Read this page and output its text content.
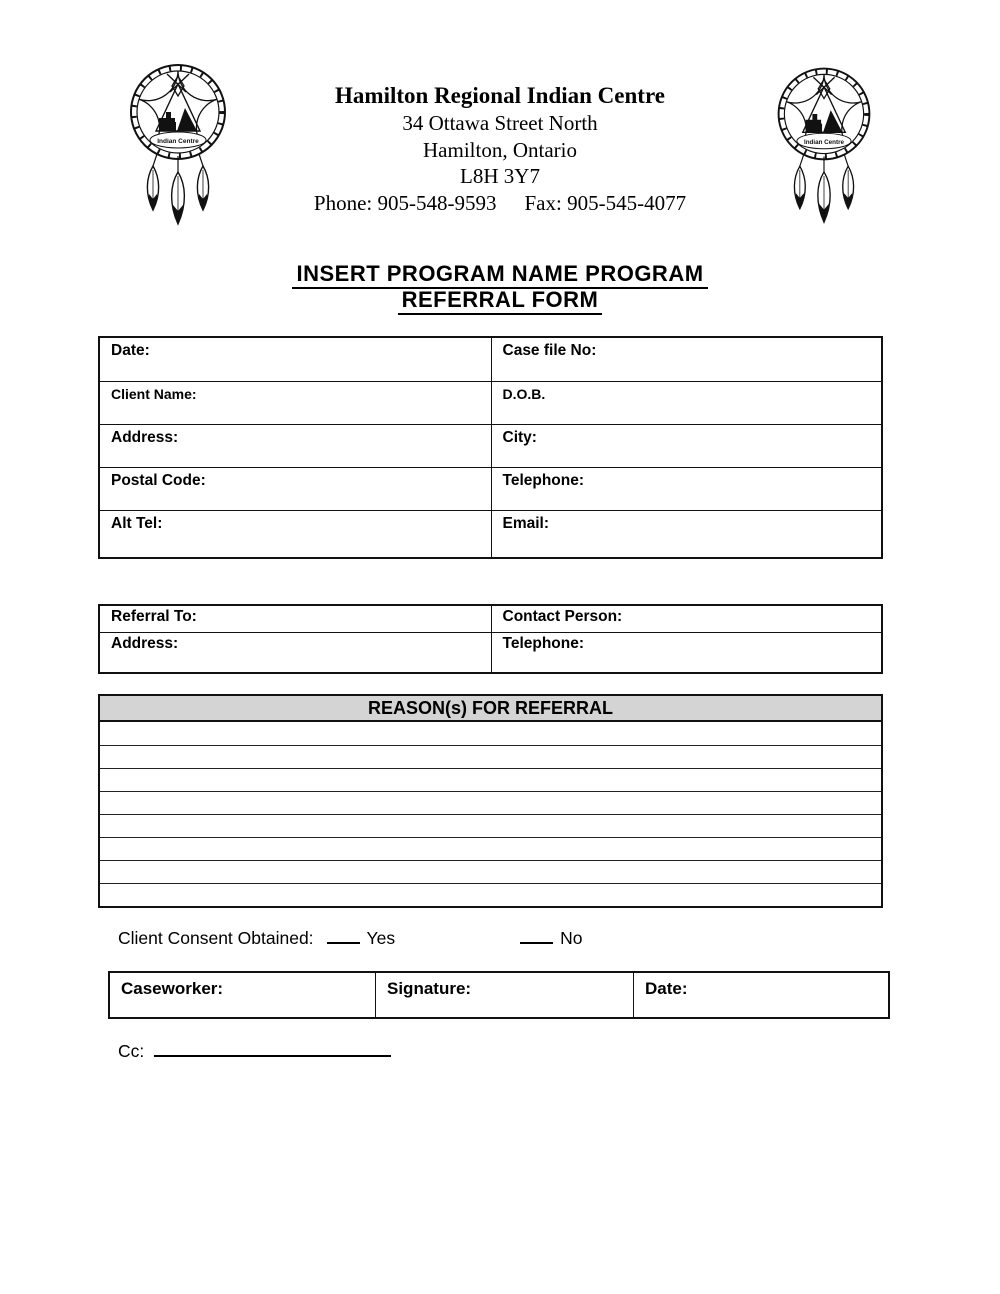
Indian Centre	Indian Centre
Hamilton Regional Indian Centre
34 Ottawa Street North
Hamilton, Ontario
L8H 3Y7
Phone: 905-548-9593 Fax: 905-545-4077
INSERT PROGRAM NAME PROGRAM
REFERRAL FORM
Date:	Case file No:
Client Name:	D.O.B.
Address:	City:
Postal Code:	Telephone:
Alt Tel:	Email:
Referral To:	Contact Person:
Address:	Telephone:
REASON(s) FOR REFERRAL
Client Consent Obtained:	Yes	No
Caseworker:	Signature:	Date:
Cc:
